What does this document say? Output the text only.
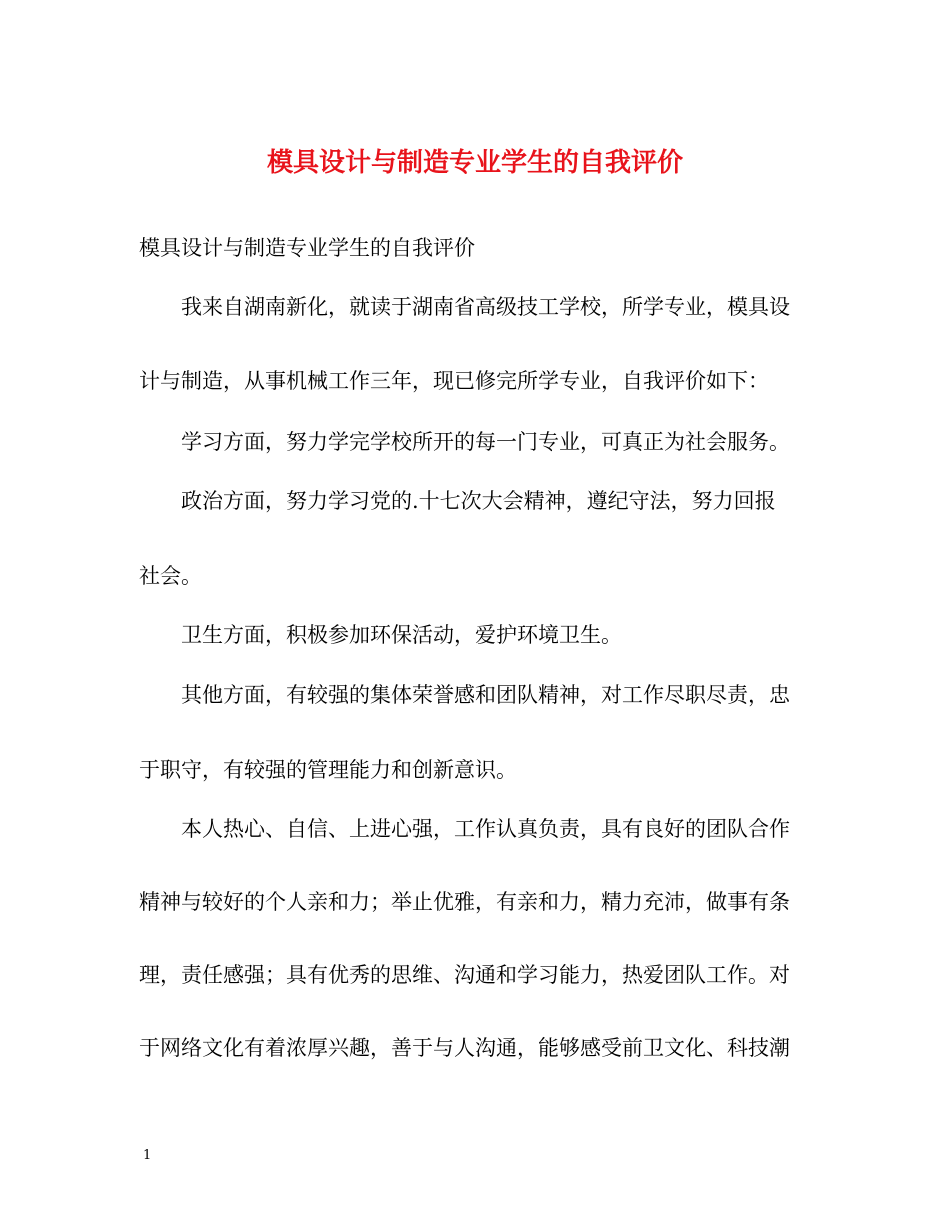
模具设计与制造专业学生的自我评价
模具设计与制造专业学生的自我评价
我来自湖南新化，就读于湖南省高级技工学校，所学专业，模具设
计与制造，从事机械工作三年，现已修完所学专业，自我评价如下：
学习方面，努力学完学校所开的每一门专业，可真正为社会服务。
政治方面，努力学习党的.十七次大会精神，遵纪守法，努力回报
社会。
卫生方面，积极参加环保活动，爱护环境卫生。
其他方面，有较强的集体荣誉感和团队精神，对工作尽职尽责，忠
于职守，有较强的管理能力和创新意识。
本人热心、自信、上进心强，工作认真负责，具有良好的团队合作
精神与较好的个人亲和力；举止优雅，有亲和力，精力充沛，做事有条
理，责任感强；具有优秀的思维、沟通和学习能力，热爱团队工作。对
于网络文化有着浓厚兴趣，善于与人沟通，能够感受前卫文化、科技潮
1
